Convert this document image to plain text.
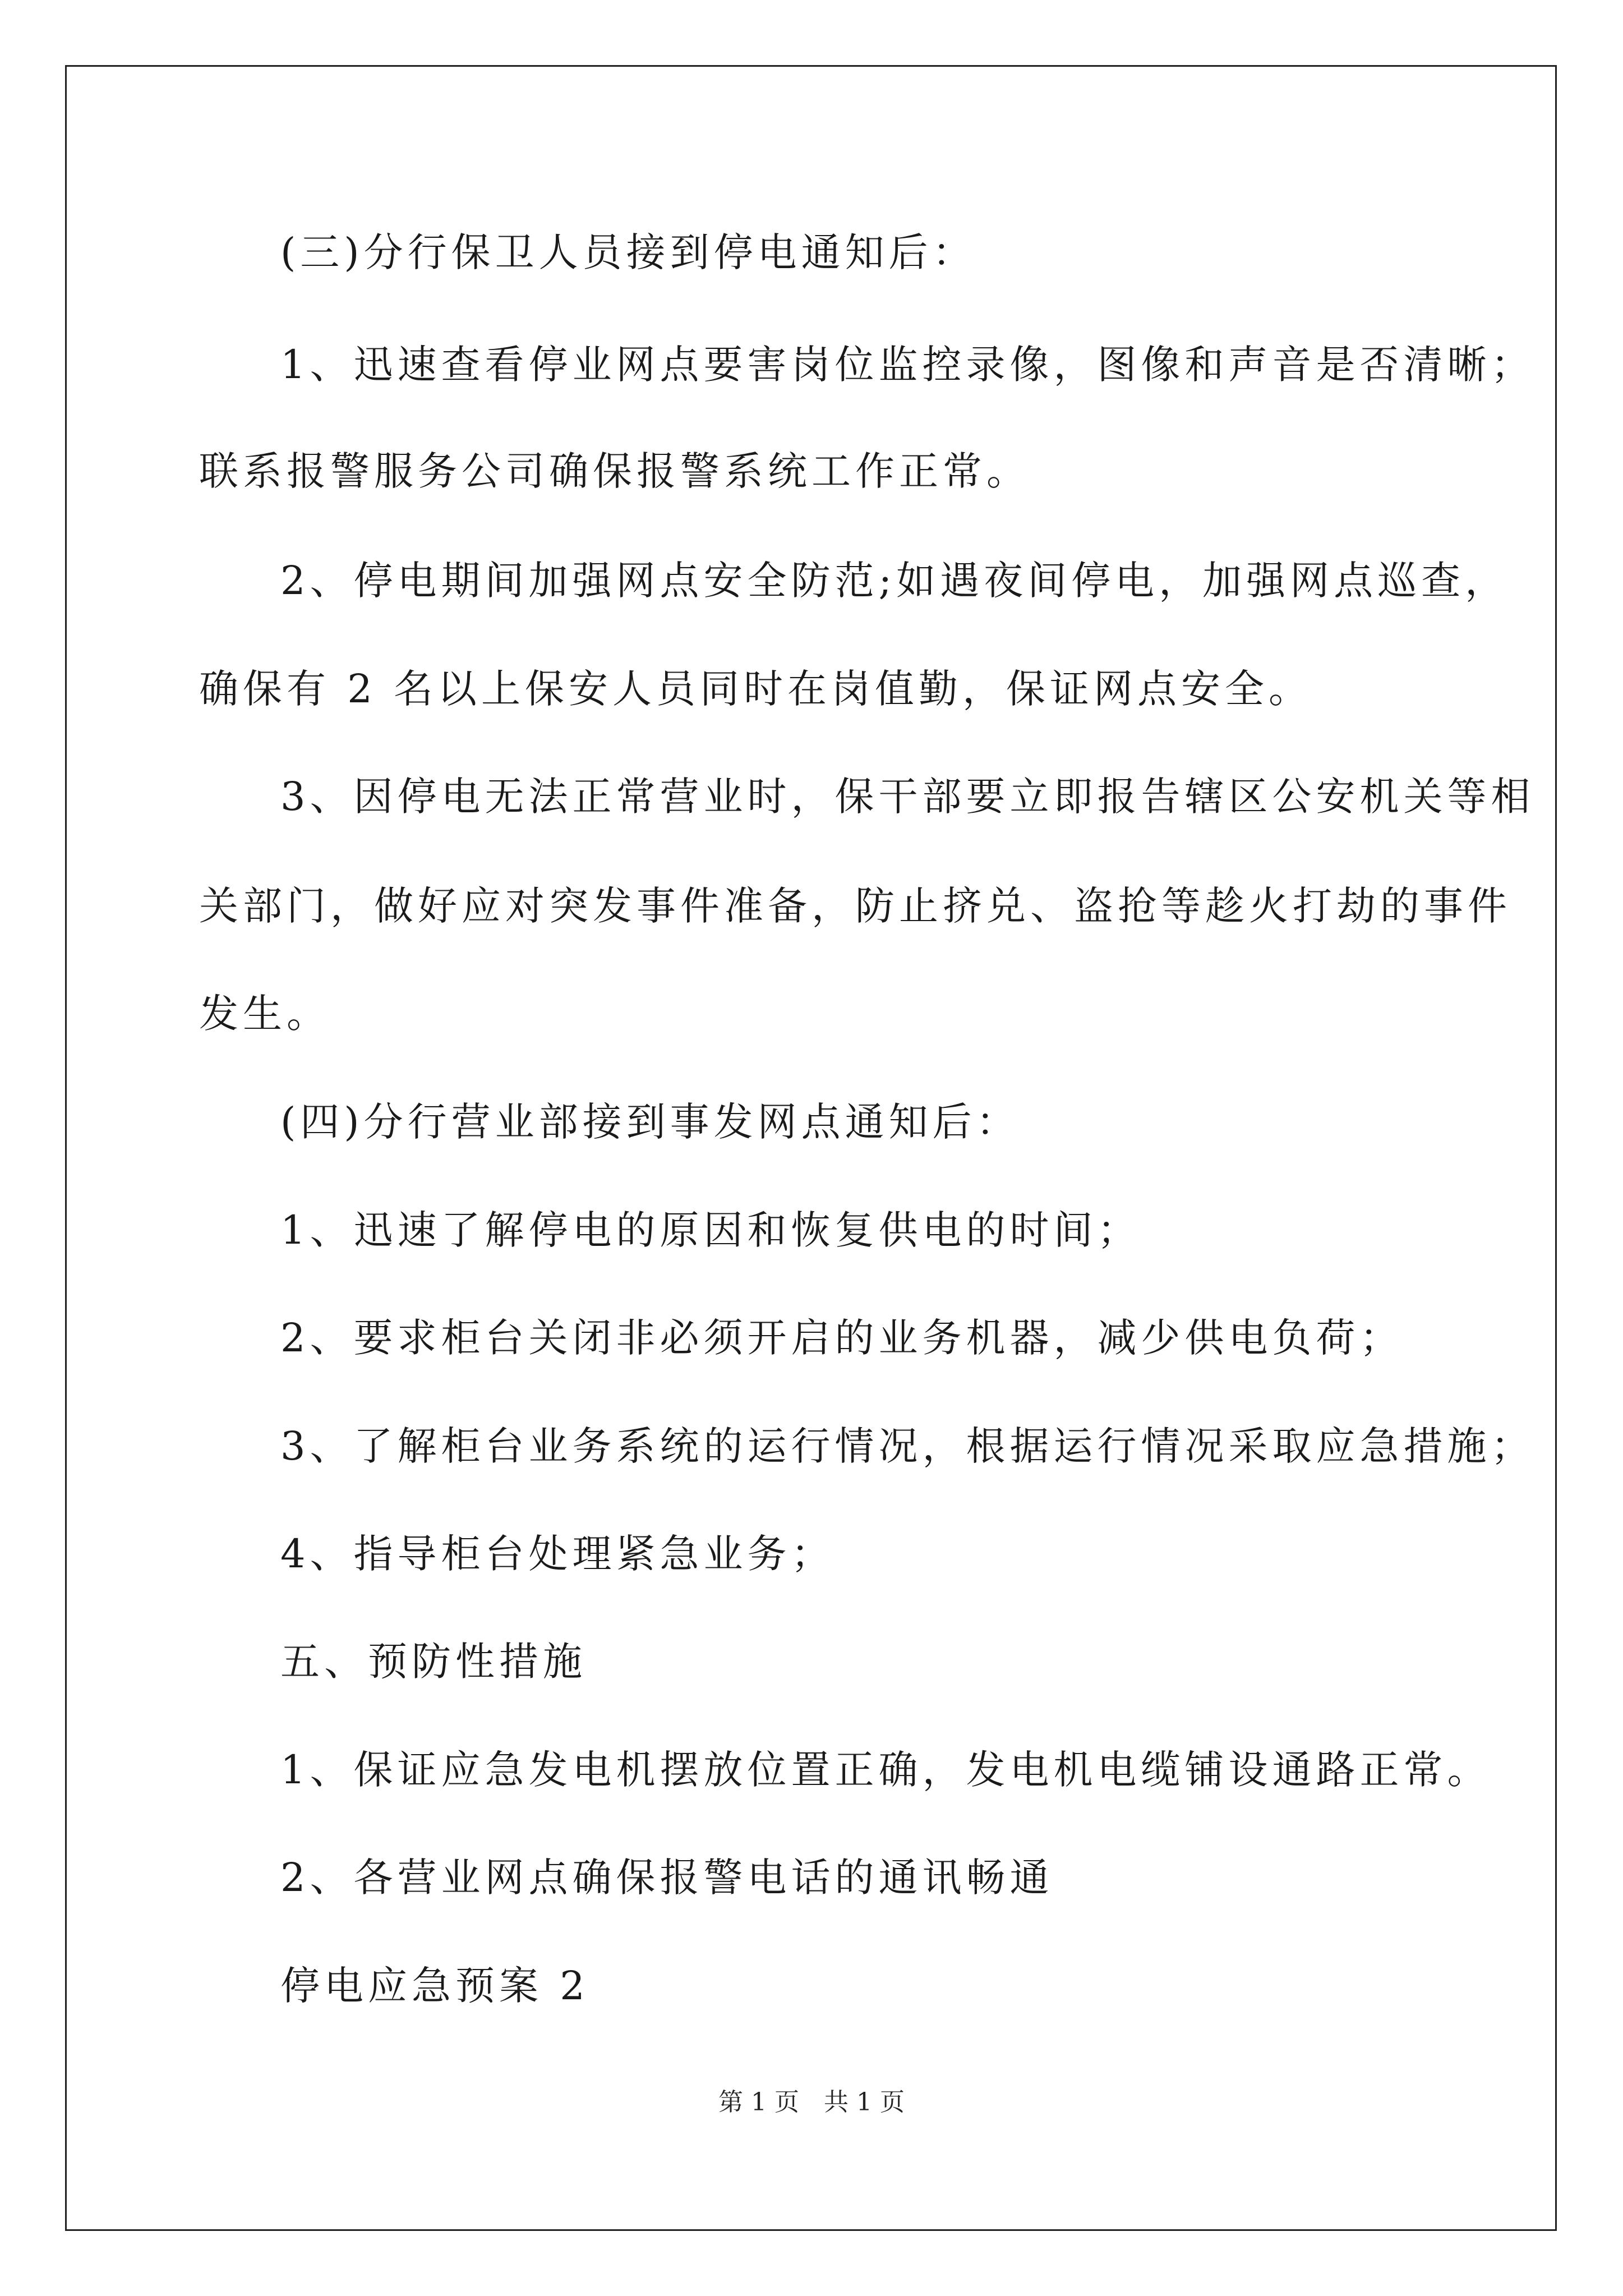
(三)分行保卫人员接到停电通知后：
1、迅速查看停业网点要害岗位监控录像，图像和声音是否清晰；
联系报警服务公司确保报警系统工作正常。
2、停电期间加强网点安全防范;如遇夜间停电，加强网点巡查，
确保有 2 名以上保安人员同时在岗值勤，保证网点安全。
3、因停电无法正常营业时，保干部要立即报告辖区公安机关等相
关部门，做好应对突发事件准备，防止挤兑、盗抢等趁火打劫的事件
发生。
(四)分行营业部接到事发网点通知后：
1、迅速了解停电的原因和恢复供电的时间；
2、要求柜台关闭非必须开启的业务机器，减少供电负荷；
3、了解柜台业务系统的运行情况，根据运行情况采取应急措施；
4、指导柜台处理紧急业务；
五、预防性措施
1、保证应急发电机摆放位置正确，发电机电缆铺设通路正常。
2、各营业网点确保报警电话的通讯畅通
停电应急预案 2
第 1 页　共 1 页
